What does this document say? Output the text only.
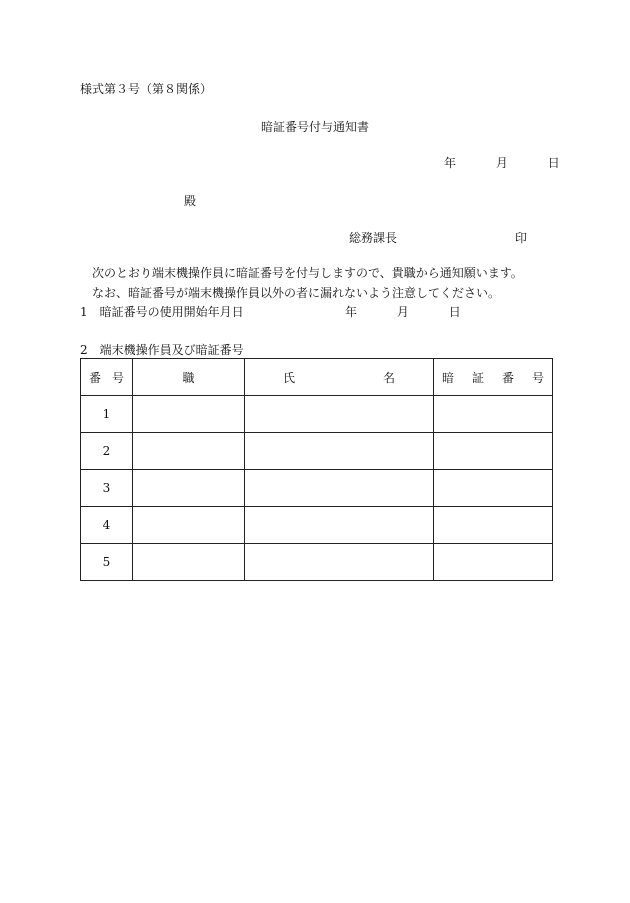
様式第３号（第８関係）
暗証番号付与通知書
年	月	日
殿
総務課長	印
次のとおり端末機操作員に暗証番号を付与しますので、貴職から通知願います。
なお、暗証番号が端末機操作員以外の者に漏れないよう注意してください。
1　暗証番号の使用開始年月日	年	月	日
2　端末機操作員及び暗証番号
番 号	職	氏 名	暗 証 番 号

1			
2			
3			
4			
5			
